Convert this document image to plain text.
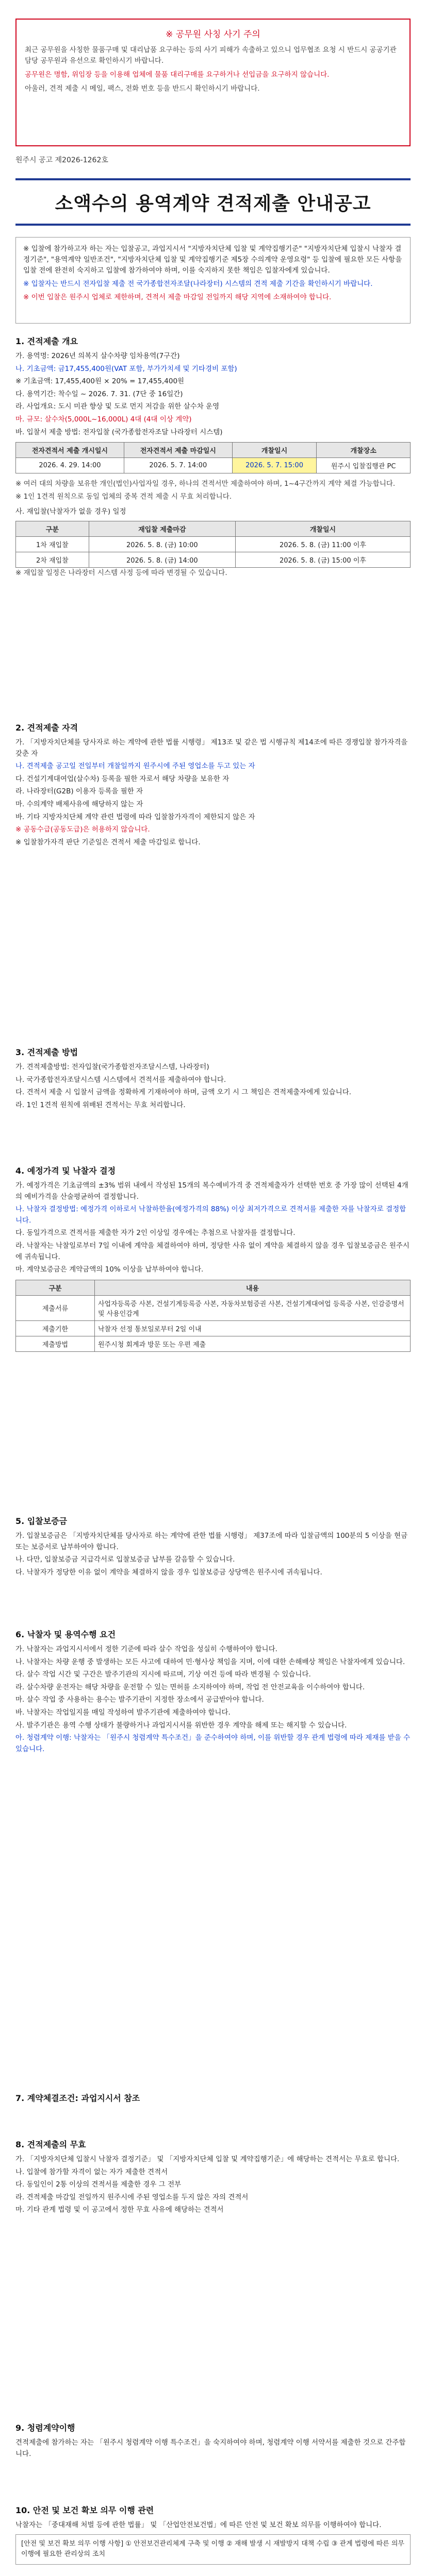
※ 공무원 사칭 사기 주의

최근 공무원을 사칭한 물품구매 및 대리납품 요구하는 등의 사기 피해가 속출하고 있으니 업무협조 요청 시 반드시 공공기관 담당 공무원과 유선으로 확인하시기 바랍니다.

공무원은 명함, 위임장 등을 이용해 업체에 물품 대리구매를 요구하거나 선입금을 요구하지 않습니다.

아울러, 견적 제출 시 메일, 팩스, 전화 번호 등을 반드시 확인하시기 바랍니다.

원주시 공고 제2026-1262호
소액수의 용역계약 견적제출 안내공고

※ 입찰에 참가하고자 하는 자는 입찰공고, 과업지시서 "지방자치단체 입찰 및 계약집행기준" "지방자치단체 입찰시 낙찰자 결정기준", "용역계약 일반조건", "지방자치단체 입찰 및 계약집행기준 제5장 수의계약 운영요령" 등 입찰에 필요한 모든 사항을 입찰 전에 완전히 숙지하고 입찰에 참가하여야 하며, 이를 숙지하지 못한 책임은 입찰자에게 있습니다.

※ 입찰자는 반드시 전자입찰 제출 전 국가종합전자조달(나라장터) 시스템의 견적 제출 기간을 확인하시기 바랍니다.

※ 이번 입찰은 원주시 업체로 제한하며, 견적서 제출 마감일 전일까지 해당 지역에 소재하여야 합니다.

1. 견적제출 개요

가. 용역명: 2026년 의복지 살수차량 임차용역(7구간)

나. 기초금액: 금17,455,400원(VAT 포함, 부가가치세 및 기타경비 포함)

※ 기초금액: 17,455,400원 × 20% = 17,455,400원

다. 용역기간: 착수일 ~ 2026. 7. 31. (7단 중 16일간)

라. 사업개요: 도시 미관 향상 및 도로 먼지 저감을 위한 살수차 운영

마. 규모: 살수차(5,000L~16,000L) 4대 (4대 이상 계약)

바. 입찰서 제출 방법: 전자입찰 (국가종합전자조달 나라장터 시스템)

전자견적서 제출 개시일시	전자견적서 제출 마감일시	개찰일시	개찰장소
2026. 4. 29. 14:00	2026. 5. 7. 14:00	2026. 5. 7. 15:00	원주시 입찰집행관 PC

※ 여러 대의 차량을 보유한 개인(법인)사업자일 경우, 하나의 견적서만 제출하여야 하며, 1~4구간까지 계약 체결 가능합니다.

※ 1인 1견적 원칙으로 동일 업체의 중복 견적 제출 시 무효 처리합니다.

사. 재입찰(낙찰자가 없을 경우) 일정

구분	재입찰 제출마감	개찰일시
1차 재입찰	2026. 5. 8. (금) 10:00	2026. 5. 8. (금) 11:00 이후
2차 재입찰	2026. 5. 8. (금) 14:00	2026. 5. 8. (금) 15:00 이후

※ 재입찰 일정은 나라장터 시스템 사정 등에 따라 변경될 수 있습니다.

2. 견적제출 자격

가. 「지방자치단체를 당사자로 하는 계약에 관한 법률 시행령」 제13조 및 같은 법 시행규칙 제14조에 따른 경쟁입찰 참가자격을 갖춘 자

나. 견적제출 공고일 전일부터 개찰일까지 원주시에 주된 영업소를 두고 있는 자

다. 건설기계대여업(살수차) 등록을 필한 자로서 해당 차량을 보유한 자

라. 나라장터(G2B) 이용자 등록을 필한 자

마. 수의계약 배제사유에 해당하지 않는 자

바. 기타 지방자치단체 계약 관련 법령에 따라 입찰참가자격이 제한되지 않은 자

※ 공동수급(공동도급)은 허용하지 않습니다.

※ 입찰참가자격 판단 기준일은 견적서 제출 마감일로 합니다.

3. 견적제출 방법

가. 견적제출방법: 전자입찰(국가종합전자조달시스템, 나라장터)

나. 국가종합전자조달시스템 시스템에서 견적서를 제출하여야 합니다.

다. 견적서 제출 시 입찰서 금액을 정확하게 기재하여야 하며, 금액 오기 시 그 책임은 견적제출자에게 있습니다.

라. 1인 1견적 원칙에 위배된 견적서는 무효 처리합니다.

4. 예정가격 및 낙찰자 결정

가. 예정가격은 기초금액의 ±3% 범위 내에서 작성된 15개의 복수예비가격 중 견적제출자가 선택한 번호 중 가장 많이 선택된 4개의 예비가격을 산술평균하여 결정합니다.

나. 낙찰자 결정방법: 예정가격 이하로서 낙찰하한율(예정가격의 88%) 이상 최저가격으로 견적서를 제출한 자를 낙찰자로 결정합니다.

다. 동일가격으로 견적서를 제출한 자가 2인 이상일 경우에는 추첨으로 낙찰자를 결정합니다.

라. 낙찰자는 낙찰일로부터 7일 이내에 계약을 체결하여야 하며, 정당한 사유 없이 계약을 체결하지 않을 경우 입찰보증금은 원주시에 귀속됩니다.

마. 계약보증금은 계약금액의 10% 이상을 납부하여야 합니다.

구분	내용
제출서류	사업자등록증 사본, 건설기계등록증 사본, 자동차보험증권 사본, 건설기계대여업 등록증 사본, 인감증명서 및 사용인감계
제출기한	낙찰자 선정 통보일로부터 2일 이내
제출방법	원주시청 회계과 방문 또는 우편 제출
5. 입찰보증금

가. 입찰보증금은 「지방자치단체를 당사자로 하는 계약에 관한 법률 시행령」 제37조에 따라 입찰금액의 100분의 5 이상을 현금 또는 보증서로 납부하여야 합니다.

나. 다만, 입찰보증금 지급각서로 입찰보증금 납부를 갈음할 수 있습니다.

다. 낙찰자가 정당한 이유 없이 계약을 체결하지 않을 경우 입찰보증금 상당액은 원주시에 귀속됩니다.

6. 낙찰자 및 용역수행 요건

가. 낙찰자는 과업지시서에서 정한 기준에 따라 살수 작업을 성실히 수행하여야 합니다.

나. 낙찰자는 차량 운행 중 발생하는 모든 사고에 대하여 민·형사상 책임을 지며, 이에 대한 손해배상 책임은 낙찰자에게 있습니다.

다. 살수 작업 시간 및 구간은 발주기관의 지시에 따르며, 기상 여건 등에 따라 변경될 수 있습니다.

라. 살수차량 운전자는 해당 차량을 운전할 수 있는 면허를 소지하여야 하며, 작업 전 안전교육을 이수하여야 합니다.

마. 살수 작업 중 사용하는 용수는 발주기관이 지정한 장소에서 공급받아야 합니다.

바. 낙찰자는 작업일지를 매일 작성하여 발주기관에 제출하여야 합니다.

사. 발주기관은 용역 수행 상태가 불량하거나 과업지시서를 위반한 경우 계약을 해제 또는 해지할 수 있습니다.

아. 청렴계약 이행: 낙찰자는 「원주시 청렴계약 특수조건」을 준수하여야 하며, 이를 위반할 경우 관계 법령에 따라 제재를 받을 수 있습니다.

7. 계약체결조건: 과업지시서 참조
8. 견적제출의 무효

가. 「지방자치단체 입찰시 낙찰자 결정기준」 및 「지방자치단체 입찰 및 계약집행기준」에 해당하는 견적서는 무효로 합니다.

나. 입찰에 참가할 자격이 없는 자가 제출한 견적서

다. 동일인이 2통 이상의 견적서를 제출한 경우 그 전부

라. 견적제출 마감일 전일까지 원주시에 주된 영업소를 두지 않은 자의 견적서

마. 기타 관계 법령 및 이 공고에서 정한 무효 사유에 해당하는 견적서

9. 청렴계약이행

견적제출에 참가하는 자는 「원주시 청렴계약 이행 특수조건」을 숙지하여야 하며, 청렴계약 이행 서약서를 제출한 것으로 간주합니다.

10. 안전 및 보건 확보 의무 이행 관련

낙찰자는 「중대재해 처벌 등에 관한 법률」 및 「산업안전보건법」에 따른 안전 및 보건 확보 의무를 이행하여야 합니다.

[안전 및 보건 확보 의무 이행 사항] ① 안전보건관리체계 구축 및 이행 ② 재해 발생 시 재발방지 대책 수립 ③ 관계 법령에 따른 의무이행에 필요한 관리상의 조치
